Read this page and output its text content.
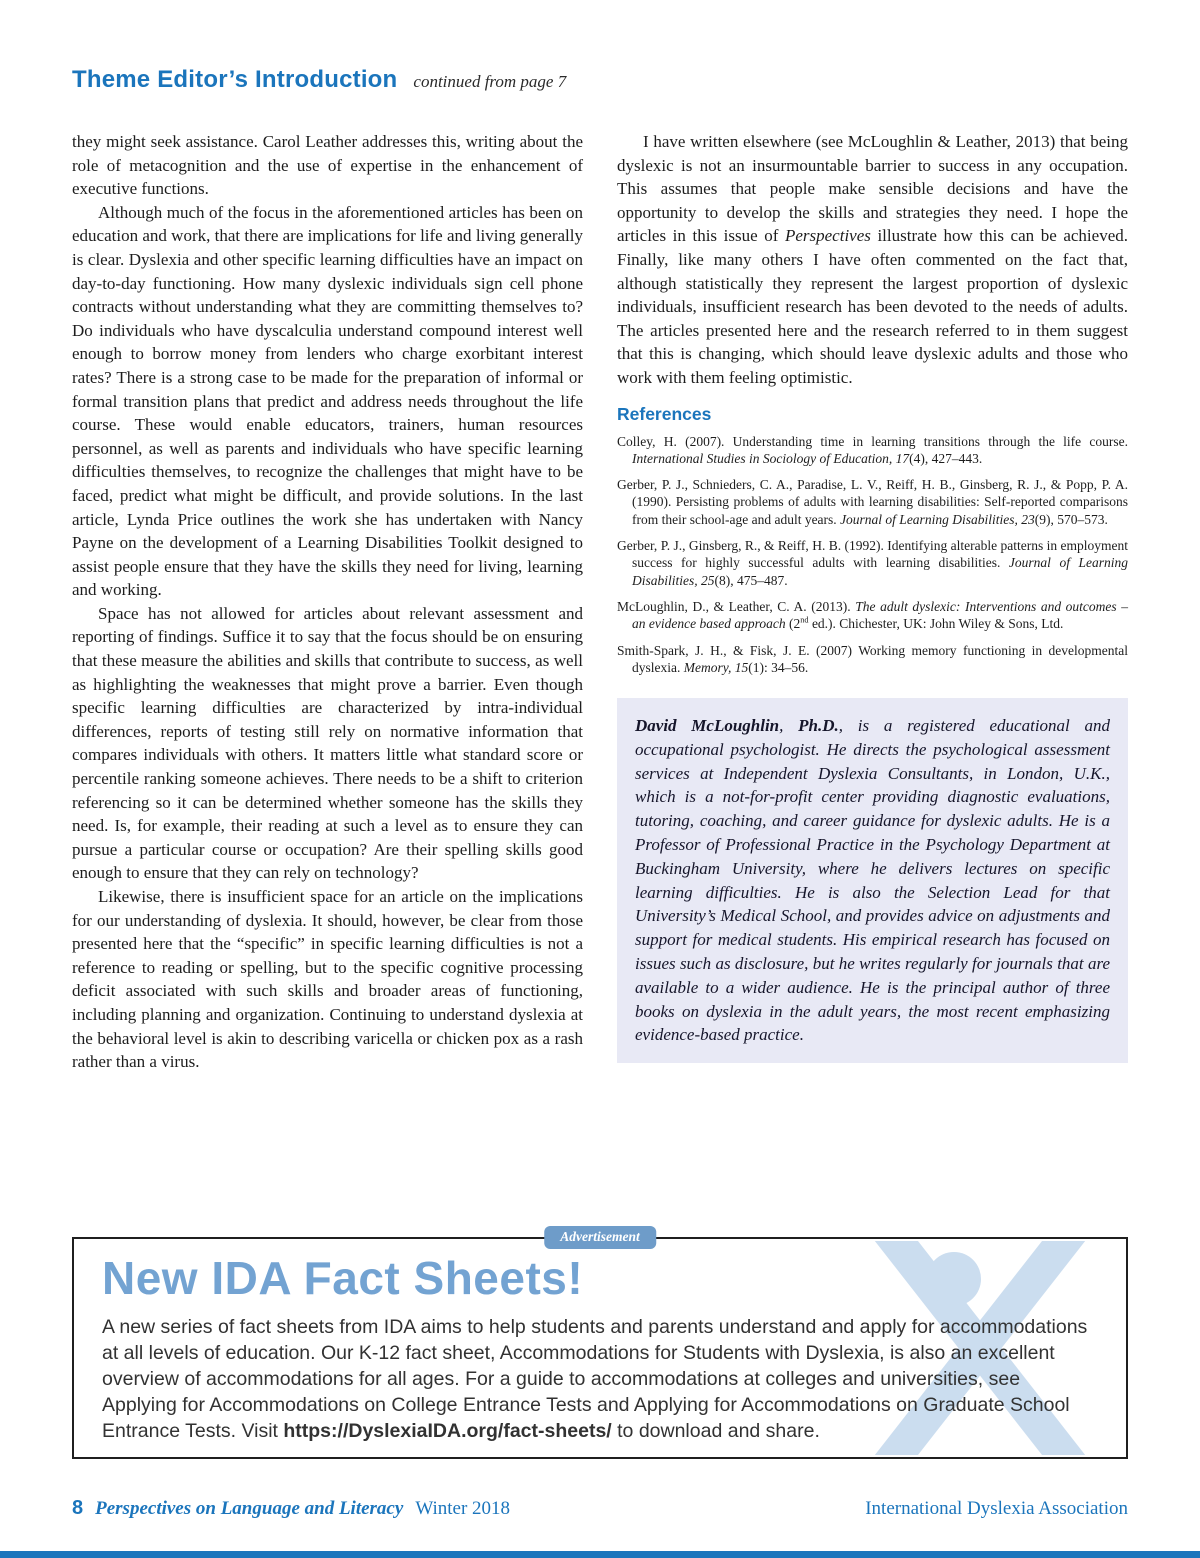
Theme Editor’s Introduction continued from page 7

they might seek assistance. Carol Leather addresses this, writing about the role of metacognition and the use of expertise in the enhancement of executive functions.

Although much of the focus in the aforementioned articles has been on education and work, that there are implications for life and living generally is clear. Dyslexia and other specific learning difficulties have an impact on day-to-day functioning. How many dyslexic individuals sign cell phone contracts without understanding what they are committing themselves to? Do individuals who have dyscalculia understand compound interest well enough to borrow money from lenders who charge exorbitant interest rates? There is a strong case to be made for the preparation of informal or formal transition plans that predict and address needs throughout the life course. These would enable educators, trainers, human resources personnel, as well as parents and individuals who have specific learning difficulties themselves, to recognize the challenges that might have to be faced, predict what might be difficult, and provide solutions. In the last article, Lynda Price outlines the work she has undertaken with Nancy Payne on the development of a Learning Disabilities Toolkit designed to assist people ensure that they have the skills they need for living, learning and working.

Space has not allowed for articles about relevant assessment and reporting of findings. Suffice it to say that the focus should be on ensuring that these measure the abilities and skills that contribute to success, as well as highlighting the weaknesses that might prove a barrier. Even though specific learning difficulties are characterized by intra-individual differences, reports of testing still rely on normative information that compares individuals with others. It matters little what standard score or percentile ranking someone achieves. There needs to be a shift to criterion referencing so it can be determined whether someone has the skills they need. Is, for example, their reading at such a level as to ensure they can pursue a particular course or occupation? Are their spelling skills good enough to ensure that they can rely on technology?

Likewise, there is insufficient space for an article on the implications for our understanding of dyslexia. It should, however, be clear from those presented here that the “specific” in specific learning difficulties is not a reference to reading or spelling, but to the specific cognitive processing deficit associated with such skills and broader areas of functioning, including planning and organization. Continuing to understand dyslexia at the behavioral level is akin to describing varicella or chicken pox as a rash rather than a virus.

I have written elsewhere (see McLoughlin & Leather, 2013) that being dyslexic is not an insurmountable barrier to success in any occupation. This assumes that people make sensible decisions and have the opportunity to develop the skills and strategies they need. I hope the articles in this issue of Perspectives illustrate how this can be achieved. Finally, like many others I have often commented on the fact that, although statistically they represent the largest proportion of dyslexic individuals, insufficient research has been devoted to the needs of adults. The articles presented here and the research referred to in them suggest that this is changing, which should leave dyslexic adults and those who work with them feeling optimistic.

References

Colley, H. (2007). Understanding time in learning transitions through the life course. International Studies in Sociology of Education, 17(4), 427–443.

Gerber, P. J., Schnieders, C. A., Paradise, L. V., Reiff, H. B., Ginsberg, R. J., & Popp, P. A. (1990). Persisting problems of adults with learning disabilities: Self-reported comparisons from their school-age and adult years. Journal of Learning Disabilities, 23(9), 570–573.

Gerber, P. J., Ginsberg, R., & Reiff, H. B. (1992). Identifying alterable patterns in employment success for highly successful adults with learning disabilities. Journal of Learning Disabilities, 25(8), 475–487.

McLoughlin, D., & Leather, C. A. (2013). The adult dyslexic: Interventions and outcomes – an evidence based approach (2nd ed.). Chichester, UK: John Wiley & Sons, Ltd.

Smith-Spark, J. H., & Fisk, J. E. (2007) Working memory functioning in developmental dyslexia. Memory, 15(1): 34–56.

David McLoughlin, Ph.D., is a registered educational and occupational psychologist. He directs the psychological assessment services at Independent Dyslexia Consultants, in London, U.K., which is a not-for-profit center providing diagnostic evaluations, tutoring, coaching, and career guidance for dyslexic adults. He is a Professor of Professional Practice in the Psychology Department at Buckingham University, where he delivers lectures on specific learning difficulties. He is also the Selection Lead for that University’s Medical School, and provides advice on adjustments and support for medical students. His empirical research has focused on issues such as disclosure, but he writes regularly for journals that are available to a wider audience. He is the principal author of three books on dyslexia in the adult years, the most recent emphasizing evidence-based practice.

Advertisement
New IDA Fact Sheets!

A new series of fact sheets from IDA aims to help students and parents understand and apply for accommodations at all levels of education. Our K-12 fact sheet, Accommodations for Students with Dyslexia, is also an excellent overview of accommodations for all ages. For a guide to accommodations at colleges and universities, see Applying for Accommodations on College Entrance Tests and Applying for Accommodations on Graduate School Entrance Tests. Visit https://DyslexiaIDA.org/fact-sheets/ to download and share.

8 Perspectives on Language and Literacy Winter 2018	International Dyslexia Association
